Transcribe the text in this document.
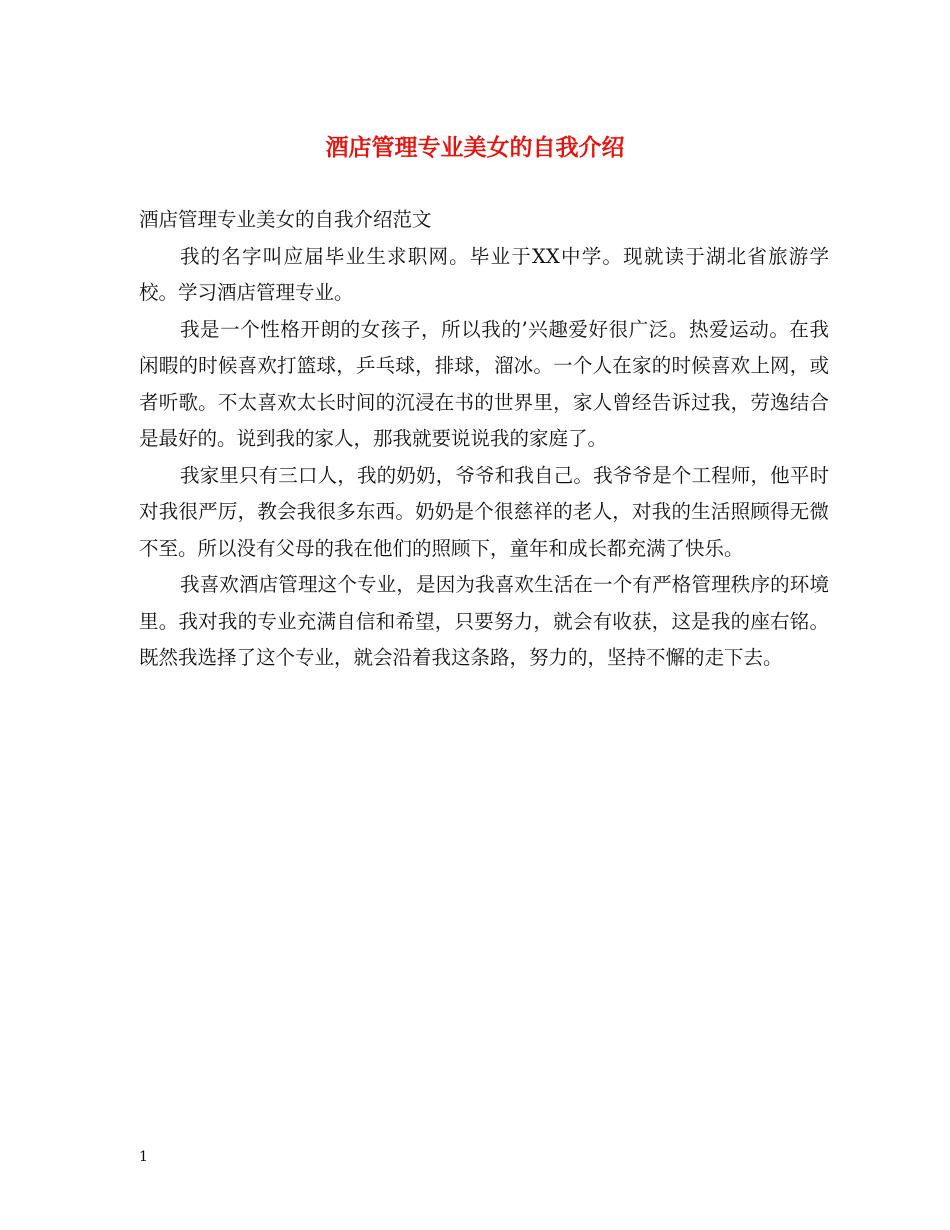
酒店管理专业美女的自我介绍

酒店管理专业美女的自我介绍范文

我的名字叫应届毕业生求职网。毕业于XX中学。现就读于湖北省旅游学校。学习酒店管理专业。

我是一个性格开朗的女孩子，所以我的’兴趣爱好很广泛。热爱运动。在我闲暇的时候喜欢打篮球，乒乓球，排球，溜冰。一个人在家的时候喜欢上网，或者听歌。不太喜欢太长时间的沉浸在书的世界里，家人曾经告诉过我，劳逸结合是最好的。说到我的家人，那我就要说说我的家庭了。

我家里只有三口人，我的奶奶，爷爷和我自己。我爷爷是个工程师，他平时对我很严厉，教会我很多东西。奶奶是个很慈祥的老人，对我的生活照顾得无微不至。所以没有父母的我在他们的照顾下，童年和成长都充满了快乐。

我喜欢酒店管理这个专业，是因为我喜欢生活在一个有严格管理秩序的环境里。我对我的专业充满自信和希望，只要努力，就会有收获，这是我的座右铭。既然我选择了这个专业，就会沿着我这条路，努力的，坚持不懈的走下去。

1
